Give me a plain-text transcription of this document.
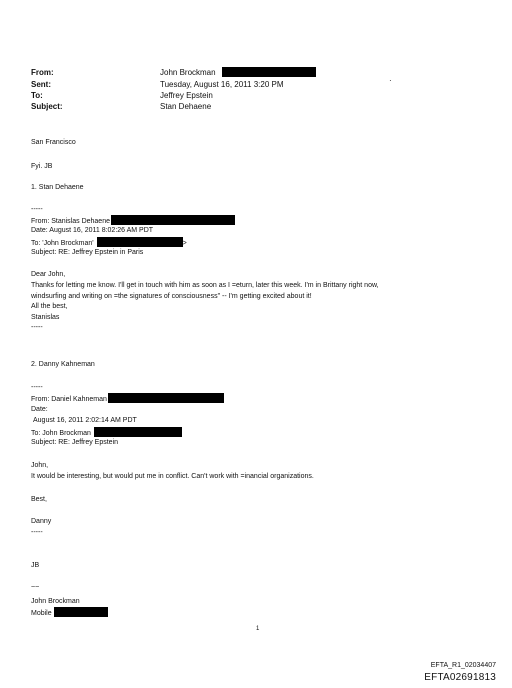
From:	John Brockman
Sent:	Tuesday, August 16, 2011 3:20 PM
To:	Jeffrey Epstein
Subject:	Stan Dehaene
·
San Francisco
Fyi. JB
1. Stan Dehaene
-----
From: Stanislas Dehaene
Date: August 16, 2011 8:02:26 AM PDT
To: 'John Brockman'	>
Subject: RE: Jeffrey Epstein in Paris
Dear John,
Thanks for letting me know. I'll get in touch with him as soon as I =eturn, later this week. I'm in Brittany right now,
windsurfing and writing on =the signatures of consciousness" -- I'm getting excited about it!
All the best,
Stanislas
-----
2. Danny Kahneman
-----
From: Daniel Kahneman
Date:
August 16, 2011 2:02:14 AM PDT
To: John Brockman
Subject: RE: Jeffrey Epstein
John,
It would be interesting, but would put me in conflict. Can't work with =inancial organizations.
Best,
Danny
-----
JB
~~
John Brockman
Mobile
1
EFTA_R1_02034407
EFTA02691813
